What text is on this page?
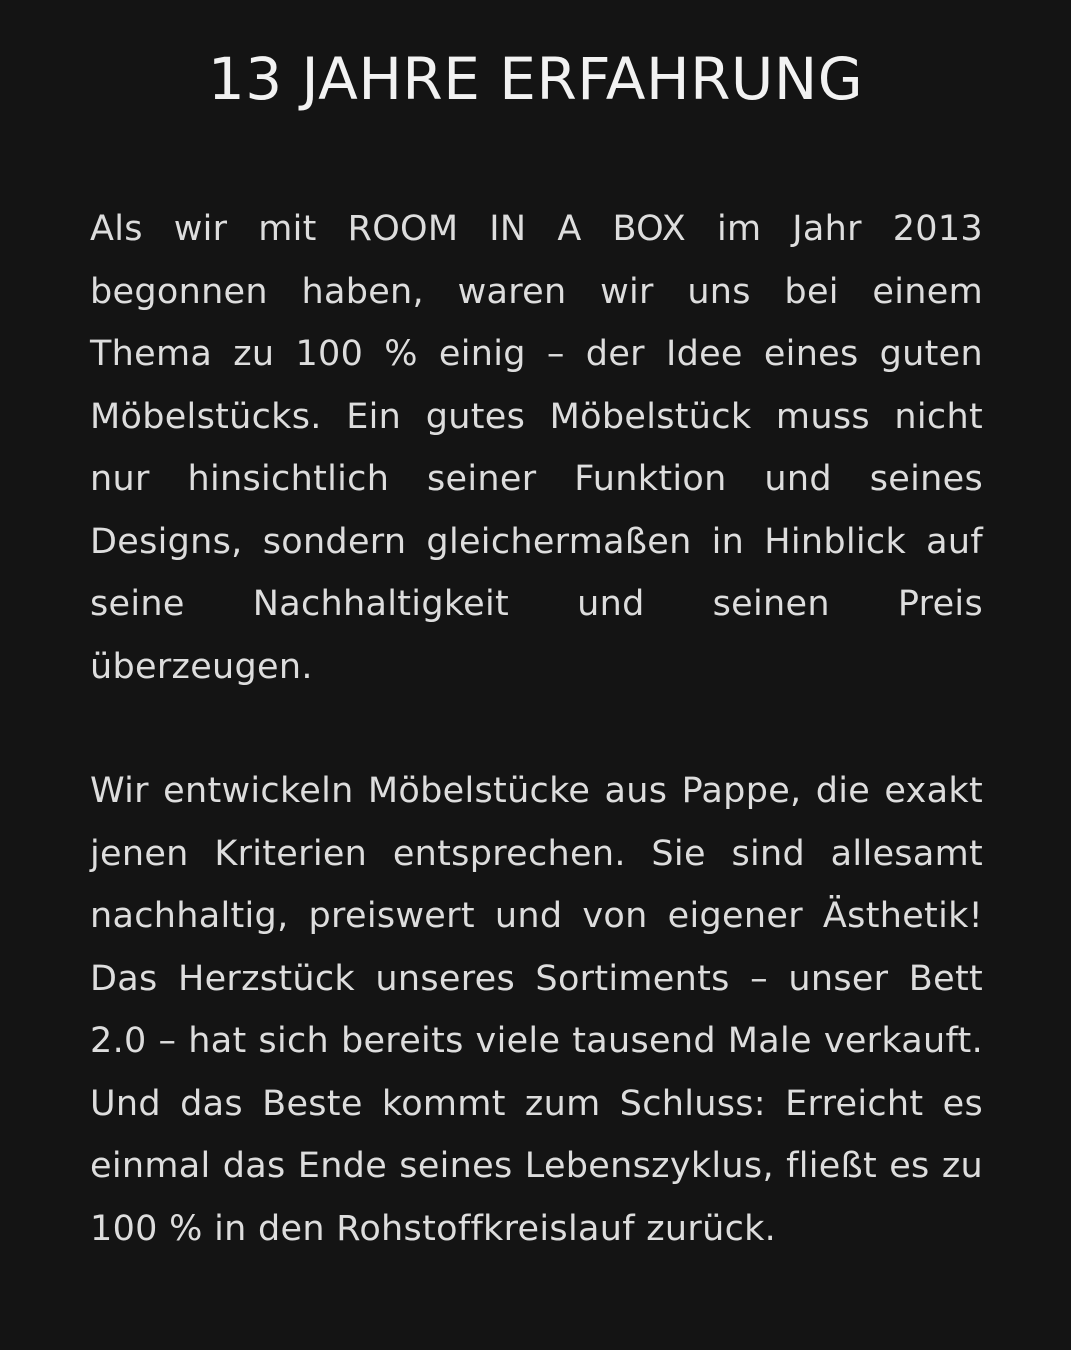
13 JAHRE ERFAHRUNG

Als wir mit ROOM IN A BOX im Jahr 2013 begonnen haben, waren wir uns bei einem Thema zu 100 % einig – der Idee eines guten Möbelstücks. Ein gutes Möbelstück muss nicht nur hinsichtlich seiner Funktion und seines Designs, sondern gleichermaßen in Hinblick auf seine Nachhaltigkeit und seinen Preis überzeugen.

Wir entwickeln Möbelstücke aus Pappe, die exakt jenen Kriterien entsprechen. Sie sind allesamt nachhaltig, preiswert und von eigener Ästhetik! Das Herzstück unseres Sortiments – unser Bett 2.0 – hat sich bereits viele tausend Male verkauft. Und das Beste kommt zum Schluss: Erreicht es einmal das Ende seines Lebenszyklus, fließt es zu 100 % in den Rohstoffkreislauf zurück.
